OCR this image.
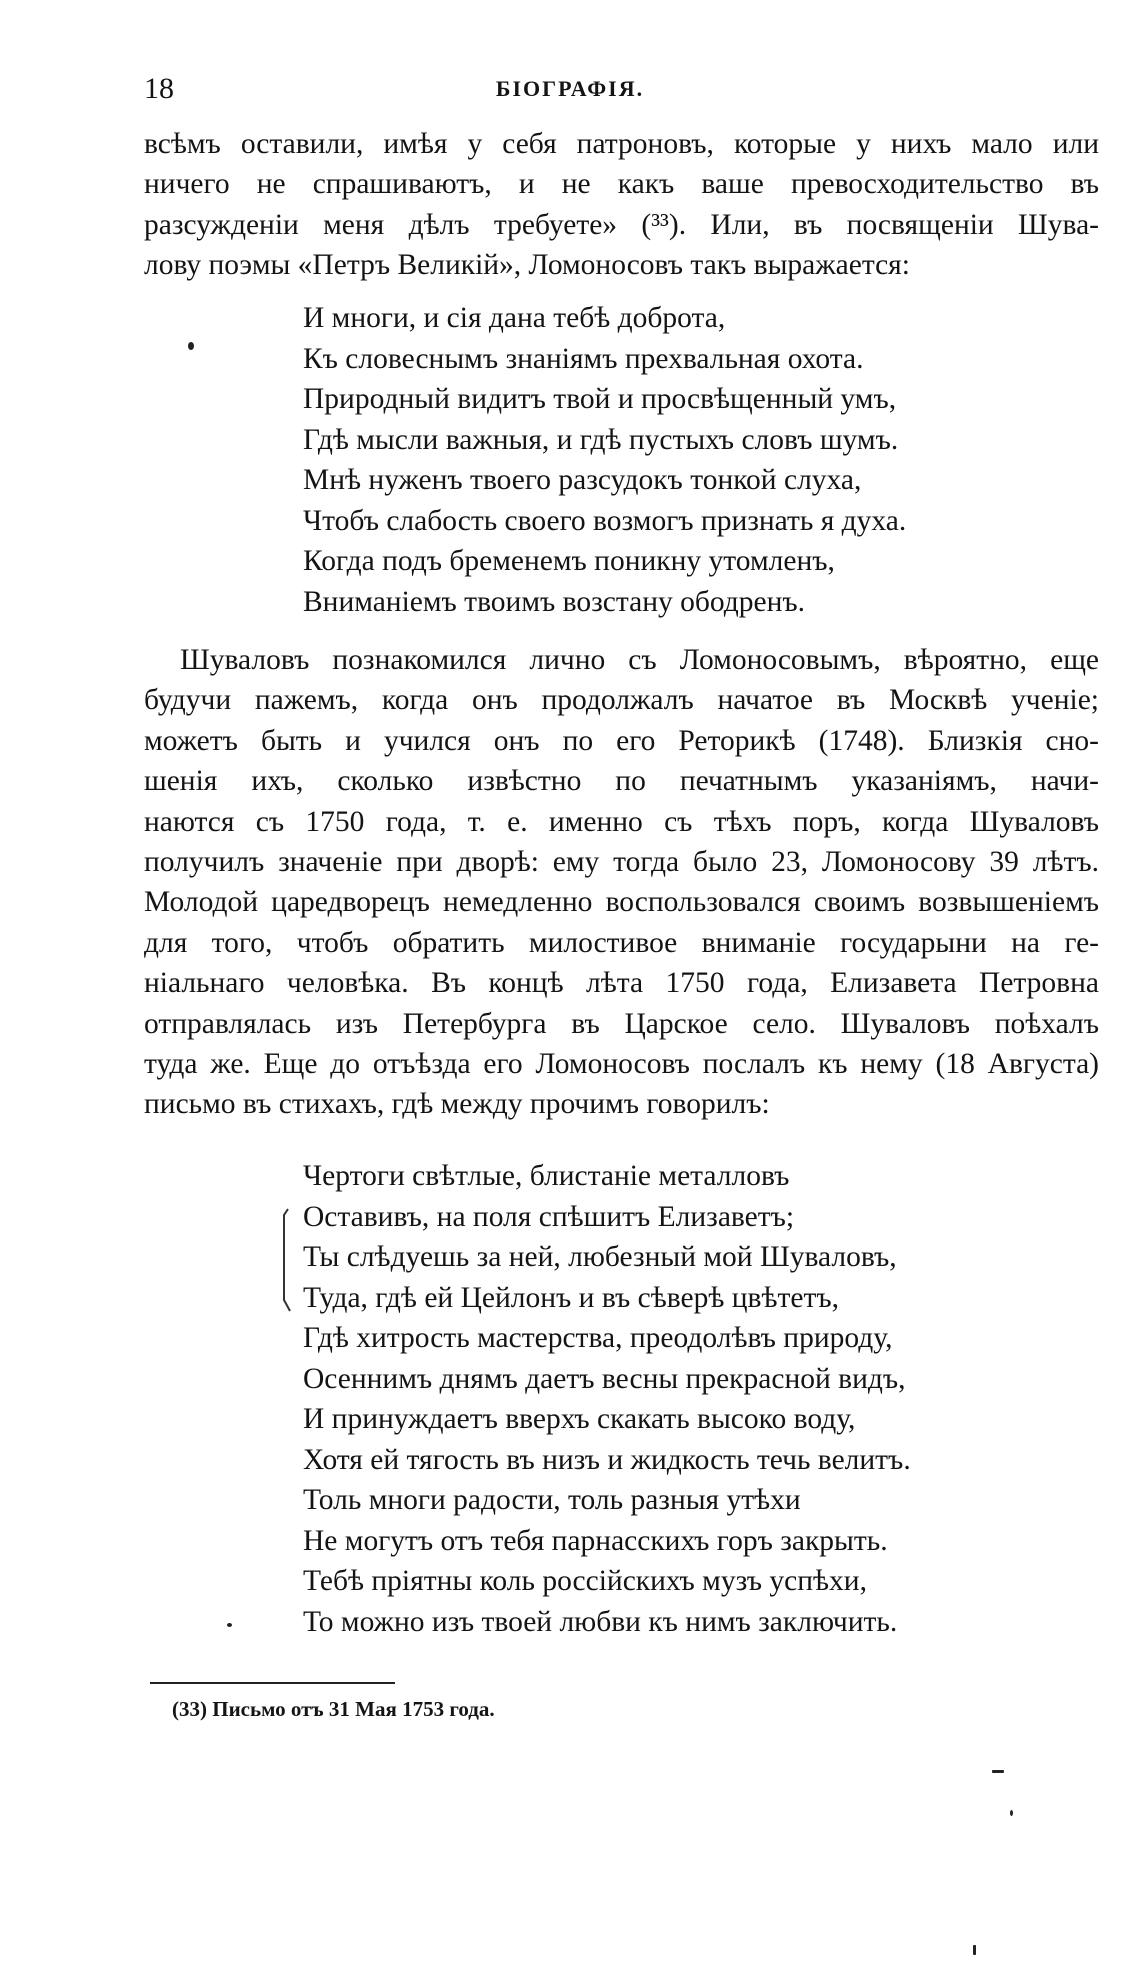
18	БІОГРАФІЯ.
всѣмъ оставили, имѣя у себя патроновъ, которые у нихъ мало или
ничего не спрашиваютъ, и не какъ ваше превосходительство въ
разсужденіи меня дѣлъ требуете» (³³). Или, въ посвященіи Шува-
лову поэмы «Петръ Великій», Ломоносовъ такъ выражается:
И многи, и сія дана тебѣ доброта,
Къ словеснымъ знаніямъ прехвальная охота.
Природный видитъ твой и просвѣщенный умъ,
Гдѣ мысли важныя, и гдѣ пустыхъ словъ шумъ.
Мнѣ нуженъ твоего разсудокъ тонкой слуха,
Чтобъ слабость своего возмогъ признать я духа.
Когда подъ бременемъ поникну утомленъ,
Вниманіемъ твоимъ возстану ободренъ.
Шуваловъ познакомился лично съ Ломоносовымъ, вѣроятно, еще
будучи пажемъ, когда онъ продолжалъ начатое въ Москвѣ ученіе;
можетъ быть и учился онъ по его Реторикѣ (1748). Близкія сно-
шенія ихъ, сколько извѣстно по печатнымъ указаніямъ, начи-
наются съ 1750 года, т. е. именно съ тѣхъ поръ, когда Шуваловъ
получилъ значеніе при дворѣ: ему тогда было 23, Ломоносову 39 лѣтъ.
Молодой царедворецъ немедленно воспользовался своимъ возвышеніемъ
для того, чтобъ обратить милостивое вниманіе государыни на ге-
ніальнаго человѣка. Въ концѣ лѣта 1750 года, Елизавета Петровна
отправлялась изъ Петербурга въ Царское село. Шуваловъ поѣхалъ
туда же. Еще до отъѣзда его Ломоносовъ послалъ къ нему (18 Августа)
письмо въ стихахъ, гдѣ между прочимъ говорилъ:
Чертоги свѣтлые, блистаніе металловъ
Оставивъ, на поля спѣшитъ Елизаветъ;
Ты слѣдуешь за ней, любезный мой Шуваловъ,
Туда, гдѣ ей Цейлонъ и въ сѣверѣ цвѣтетъ,
Гдѣ хитрость мастерства, преодолѣвъ природу,
Осеннимъ днямъ даетъ весны прекрасной видъ,
И принуждаетъ вверхъ скакать высоко воду,
Хотя ей тягость въ низъ и жидкость течь велитъ.
Толь многи радости, толь разныя утѣхи
Не могутъ отъ тебя парнасскихъ горъ закрыть.
Тебѣ пріятны коль россійскихъ музъ успѣхи,
То можно изъ твоей любви къ нимъ заключить.
(33) Письмо отъ 31 Мая 1753 года.
